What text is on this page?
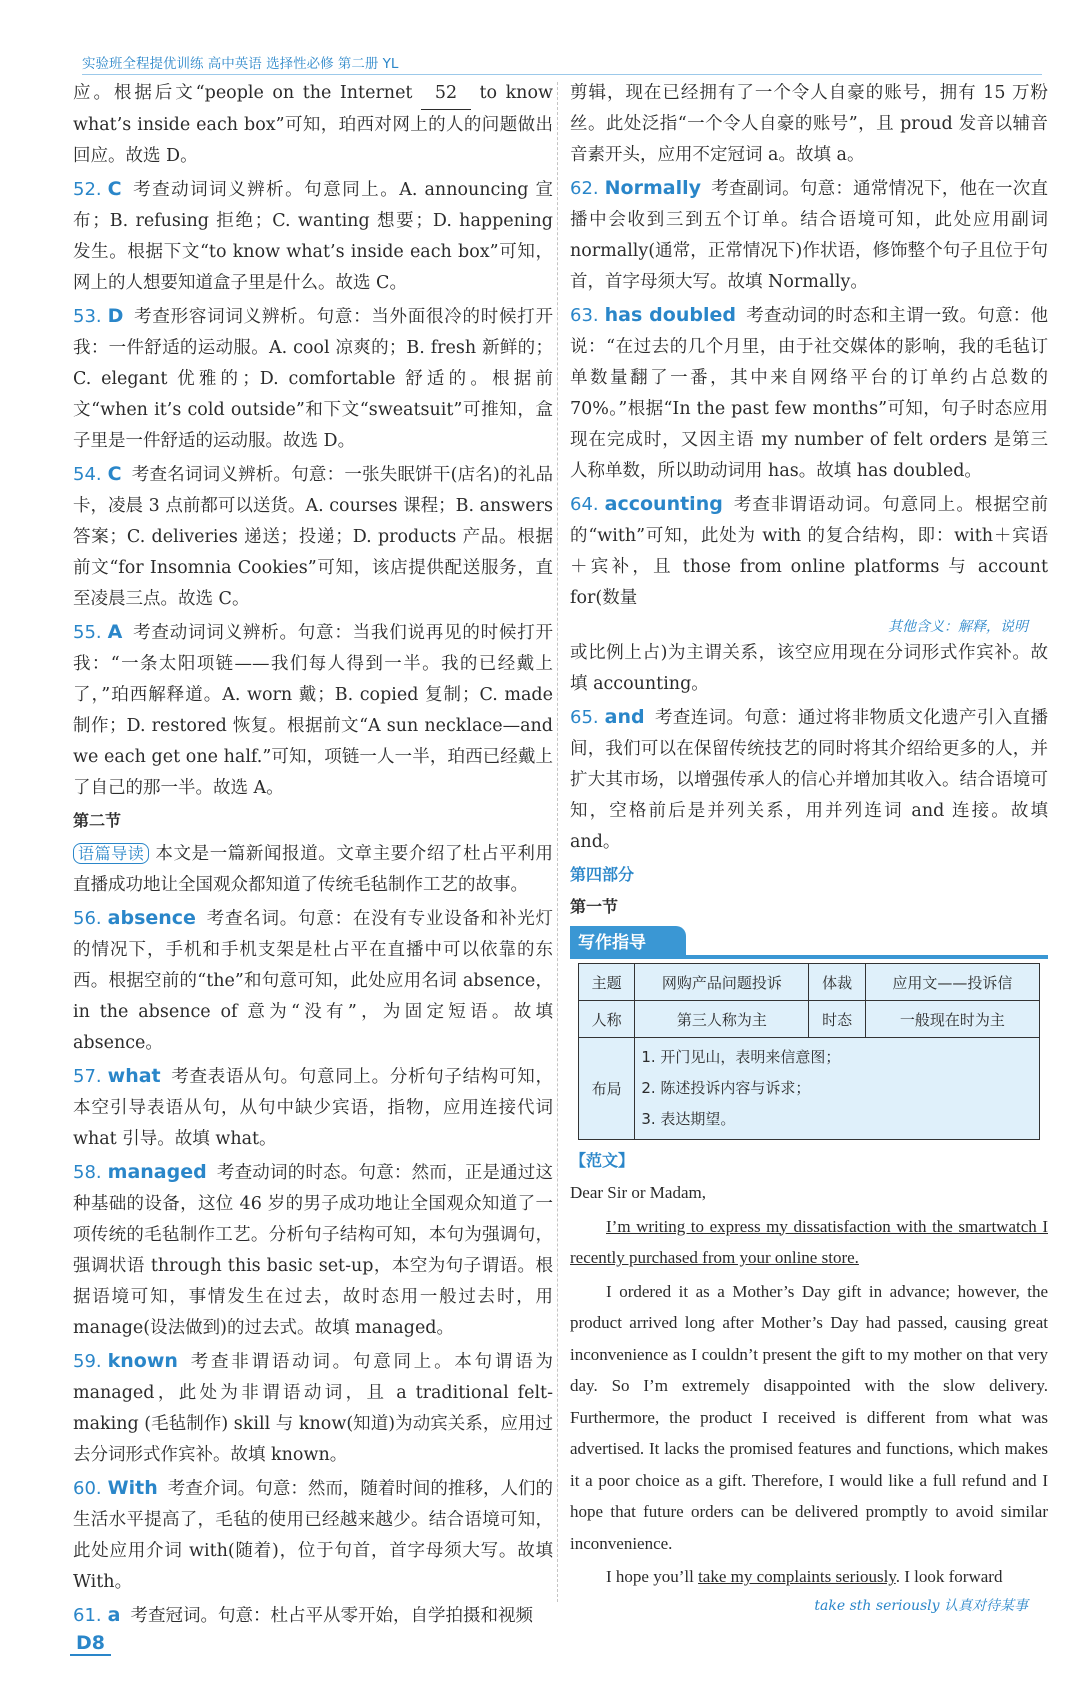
实验班全程提优训练 高中英语 选择性必修 第二册 YL

应。根据后文“people on the Internet 52 to know what’s inside each box”可知，珀西对网上的人的问题做出回应。故选 D。

52. C 考查动词词义辨析。句意同上。A. announcing 宣布；B. refusing 拒绝；C. wanting 想要；D. happening 发生。根据下文“to know what’s inside each box”可知，网上的人想要知道盒子里是什么。故选 C。

53. D 考查形容词词义辨析。句意：当外面很冷的时候打开我：一件舒适的运动服。A. cool 凉爽的；B. fresh 新鲜的；C. elegant 优雅的；D. comfortable 舒适的。根据前文“when it’s cold outside”和下文“sweatsuit”可推知，盒子里是一件舒适的运动服。故选 D。

54. C 考查名词词义辨析。句意：一张失眠饼干(店名)的礼品卡，凌晨 3 点前都可以送货。A. courses 课程；B. answers 答案；C. deliveries 递送；投递；D. products 产品。根据前文“for Insomnia Cookies”可知，该店提供配送服务，直至凌晨三点。故选 C。

55. A 考查动词词义辨析。句意：当我们说再见的时候打开我：“一条太阳项链——我们每人得到一半。我的已经戴上了，”珀西解释道。A. worn 戴；B. copied 复制；C. made 制作；D. restored 恢复。根据前文“A sun necklace—and we each get one half.”可知，项链一人一半，珀西已经戴上了自己的那一半。故选 A。

第二节

语篇导读 本文是一篇新闻报道。文章主要介绍了杜占平利用直播成功地让全国观众都知道了传统毛毡制作工艺的故事。

56. absence 考查名词。句意：在没有专业设备和补光灯的情况下，手机和手机支架是杜占平在直播中可以依靠的东西。根据空前的“the”和句意可知，此处应用名词 absence，in the absence of 意为“没有”，为固定短语。故填 absence。

57. what 考查表语从句。句意同上。分析句子结构可知，本空引导表语从句，从句中缺少宾语，指物，应用连接代词 what 引导。故填 what。

58. managed 考查动词的时态。句意：然而，正是通过这种基础的设备，这位 46 岁的男子成功地让全国观众知道了一项传统的毛毡制作工艺。分析句子结构可知，本句为强调句，强调状语 through this basic set-up，本空为句子谓语。根据语境可知，事情发生在过去，故时态用一般过去时，用 manage(设法做到)的过去式。故填 managed。

59. known 考查非谓语动词。句意同上。本句谓语为 managed，此处为非谓语动词，且 a traditional felt-making (毛毡制作) skill 与 know(知道)为动宾关系，应用过去分词形式作宾补。故填 known。

60. With 考查介词。句意：然而，随着时间的推移，人们的生活水平提高了，毛毡的使用已经越来越少。结合语境可知，此处应用介词 with(随着)，位于句首，首字母须大写。故填 With。

61. a 考查冠词。句意：杜占平从零开始，自学拍摄和视频

剪辑，现在已经拥有了一个令人自豪的账号，拥有 15 万粉丝。此处泛指“一个令人自豪的账号”，且 proud 发音以辅音音素开头，应用不定冠词 a。故填 a。

62. Normally 考查副词。句意：通常情况下，他在一次直播中会收到三到五个订单。结合语境可知，此处应用副词 normally(通常，正常情况下)作状语，修饰整个句子且位于句首，首字母须大写。故填 Normally。

63. has doubled 考查动词的时态和主谓一致。句意：他说：“在过去的几个月里，由于社交媒体的影响，我的毛毡订单数量翻了一番，其中来自网络平台的订单约占总数的 70%。”根据“In the past few months”可知，句子时态应用现在完成时，又因主语 my number of felt orders 是第三人称单数，所以助动词用 has。故填 has doubled。

64. accounting 考查非谓语动词。句意同上。根据空前的“with”可知，此处为 with 的复合结构，即：with＋宾语＋宾补，且 those from online platforms 与 account for(数量

其他含义：解释，说明

或比例上占)为主谓关系，该空应用现在分词形式作宾补。故填 accounting。

65. and 考查连词。句意：通过将非物质文化遗产引入直播间，我们可以在保留传统技艺的同时将其介绍给更多的人，并扩大其市场，以增强传承人的信心并增加其收入。结合语境可知，空格前后是并列关系，用并列连词 and 连接。故填 and。

第四部分
第一节
写作指导
主题	网购产品问题投诉	体裁	应用文——投诉信
人称	第三人称为主	时态	一般现在时为主
布局	1. 开门见山，表明来信意图；
2. 陈述投诉内容与诉求；
3. 表达期望。		
【范文】

Dear Sir or Madam,

I’m writing to express my dissatisfaction with the smartwatch I recently purchased from your online store.

I ordered it as a Mother’s Day gift in advance; however, the product arrived long after Mother’s Day had passed, causing great inconvenience as I couldn’t present the gift to my mother on that very day. So I’m extremely disappointed with the slow delivery. Furthermore, the product I received is different from what was advertised. It lacks the promised features and functions, which makes it a poor choice as a gift. Therefore, I would like a full refund and I hope that future orders can be delivered promptly to avoid similar inconvenience.

I hope you’ll take my complaints seriously. I look forward

take sth seriously 认真对待某事
D8
